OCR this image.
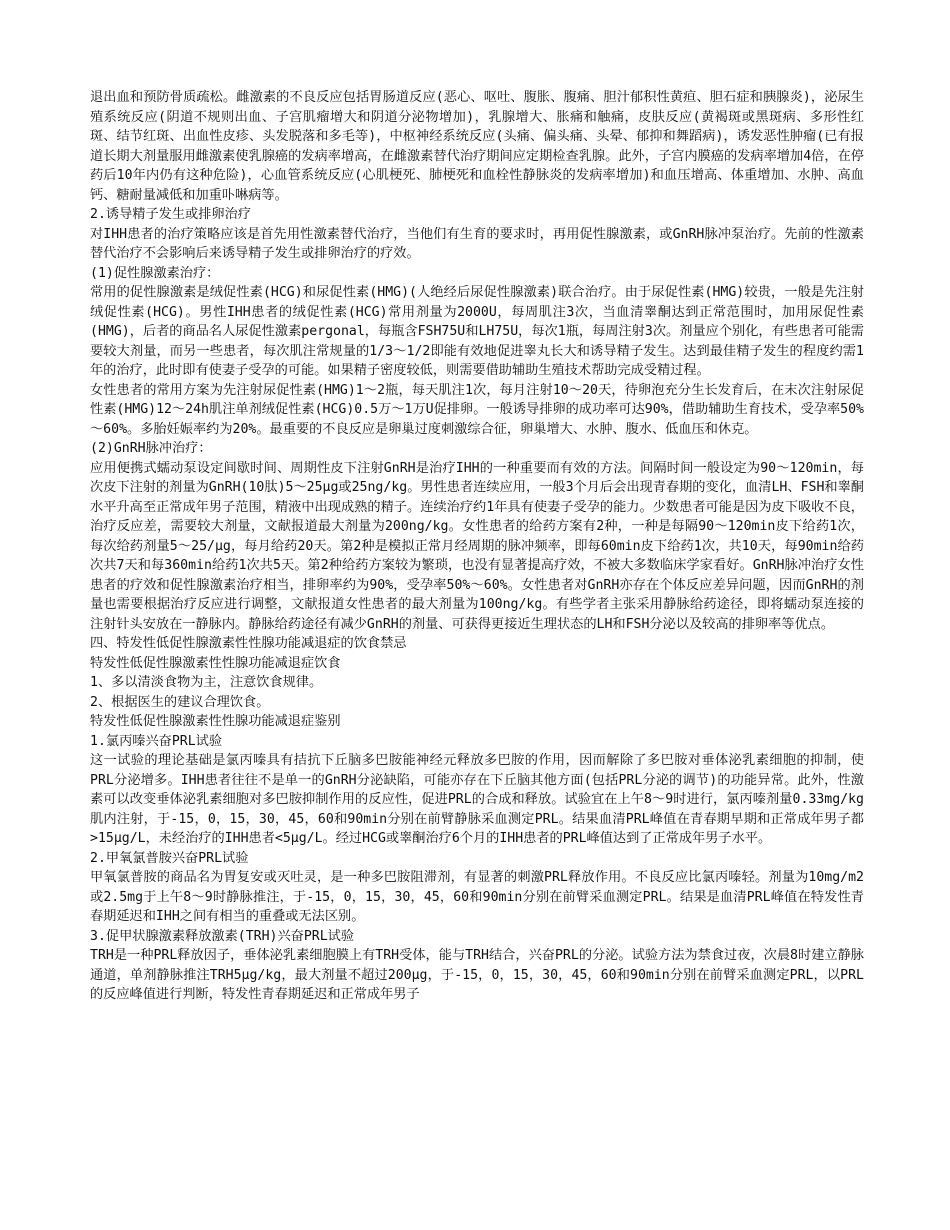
退出血和预防骨质疏松。雌激素的不良反应包括胃肠道反应(恶心、呕吐、腹胀、腹痛、胆汁郁积性黄疸、胆石症和胰腺炎)，泌尿生殖系统反应(阴道不规则出血、子宫肌瘤增大和阴道分泌物增加)，乳腺增大、胀痛和触痛，皮肤反应(黄褐斑或黑斑病、多形性红斑、结节红斑、出血性皮疹、头发脱落和多毛等)，中枢神经系统反应(头痛、偏头痛、头晕、郁抑和舞蹈病)，诱发恶性肿瘤(已有报道长期大剂量服用雌激素使乳腺癌的发病率增高，在雌激素替代治疗期间应定期检查乳腺。此外，子宫内膜癌的发病率增加4倍，在停药后10年内仍有这种危险)，心血管系统反应(心肌梗死、肺梗死和血栓性静脉炎的发病率增加)和血压增高、体重增加、水肿、高血钙、糖耐量减低和加重卟啉病等。

2.诱导精子发生或排卵治疗

对IHH患者的治疗策略应该是首先用性激素替代治疗，当他们有生育的要求时，再用促性腺激素，或GnRH脉冲泵治疗。先前的性激素替代治疗不会影响后来诱导精子发生或排卵治疗的疗效。

(1)促性腺激素治疗：

常用的促性腺激素是绒促性素(HCG)和尿促性素(HMG)(人绝经后尿促性腺激素)联合治疗。由于尿促性素(HMG)较贵，一般是先注射绒促性素(HCG)。男性IHH患者的绒促性素(HCG)常用剂量为2000U，每周肌注3次，当血清睾酮达到正常范围时，加用尿促性素(HMG)，后者的商品名人尿促性激素pergonal，每瓶含FSH75U和LH75U，每次1瓶，每周注射3次。剂量应个别化，有些患者可能需要较大剂量，而另一些患者，每次肌注常规量的1/3～1/2即能有效地促进睾丸长大和诱导精子发生。达到最佳精子发生的程度约需1年的治疗，此时即有使妻子受孕的可能。如果精子密度较低，则需要借助辅助生殖技术帮助完成受精过程。

女性患者的常用方案为先注射尿促性素(HMG)1～2瓶，每天肌注1次，每月注射10～20天，待卵泡充分生长发育后，在末次注射尿促性素(HMG)12～24h肌注单剂绒促性素(HCG)0.5万～1万U促排卵。一般诱导排卵的成功率可达90%，借助辅助生育技术，受孕率50%～60%。多胎妊娠率约为20%。最重要的不良反应是卵巢过度刺激综合征，卵巢增大、水肿、腹水、低血压和休克。

(2)GnRH脉冲治疗：

应用便携式蠕动泵设定间歇时间、周期性皮下注射GnRH是治疗IHH的一种重要而有效的方法。间隔时间一般设定为90～120min，每次皮下注射的剂量为GnRH(10肽)5～25μg或25ng/kg。男性患者连续应用，一般3个月后会出现青春期的变化，血清LH、FSH和睾酮水平升高至正常成年男子范围，精液中出现成熟的精子。连续治疗约1年具有使妻子受孕的能力。少数患者可能是因为皮下吸收不良，治疗反应差，需要较大剂量，文献报道最大剂量为200ng/kg。女性患者的给药方案有2种，一种是每隔90～120min皮下给药1次，每次给药剂量5～25/μg，每月给药20天。第2种是模拟正常月经周期的脉冲频率，即每60min皮下给药1次，共10天，每90min给药次共7天和每360min给药1次共5天。第2种给药方案较为繁琐，也没有显著提高疗效，不被大多数临床学家看好。GnRH脉冲治疗女性患者的疗效和促性腺激素治疗相当，排卵率约为90%，受孕率50%～60%。女性患者对GnRH亦存在个体反应差异问题，因而GnRH的剂量也需要根据治疗反应进行调整，文献报道女性患者的最大剂量为100ng/kg。有些学者主张采用静脉给药途径，即将蠕动泵连接的注射针头安放在一静脉内。静脉给药途径有减少GnRH的剂量、可获得更接近生理状态的LH和FSH分泌以及较高的排卵率等优点。

四、特发性低促性腺激素性性腺功能减退症的饮食禁忌

特发性低促性腺激素性性腺功能减退症饮食

1、多以清淡食物为主，注意饮食规律。

2、根据医生的建议合理饮食。

特发性低促性腺激素性性腺功能减退症鉴别

1.氯丙嗪兴奋PRL试验

这一试验的理论基础是氯丙嗪具有拮抗下丘脑多巴胺能神经元释放多巴胺的作用，因而解除了多巴胺对垂体泌乳素细胞的抑制，使PRL分泌增多。IHH患者往往不是单一的GnRH分泌缺陷，可能亦存在下丘脑其他方面(包括PRL分泌的调节)的功能异常。此外，性激素可以改变垂体泌乳素细胞对多巴胺抑制作用的反应性，促进PRL的合成和释放。试验宜在上午8～9时进行，氯丙嗪剂量0.33mg/kg肌内注射，于-15，0，15，30，45，60和90min分别在前臂静脉采血测定PRL。结果血清PRL峰值在青春期早期和正常成年男子都>15μg/L，未经治疗的IHH患者<5μg/L。经过HCG或睾酮治疗6个月的IHH患者的PRL峰值达到了正常成年男子水平。

2.甲氧氯普胺兴奋PRL试验

甲氧氯普胺的商品名为胃复安或灭吐灵，是一种多巴胺阻滞剂，有显著的刺激PRL释放作用。不良反应比氯丙嗪轻。剂量为10mg/m2或2.5mg于上午8～9时静脉推注，于-15，0，15，30，45，60和90min分别在前臂采血测定PRL。结果是血清PRL峰值在特发性青春期延迟和IHH之间有相当的重叠或无法区别。

3.促甲状腺激素释放激素(TRH)兴奋PRL试验

TRH是一种PRL释放因子，垂体泌乳素细胞膜上有TRH受体，能与TRH结合，兴奋PRL的分泌。试验方法为禁食过夜，次晨8时建立静脉通道，单剂静脉推注TRH5μg/kg，最大剂量不超过200μg，于-15，0，15，30，45，60和90min分别在前臂采血测定PRL，以PRL的反应峰值进行判断，特发性青春期延迟和正常成年男子
